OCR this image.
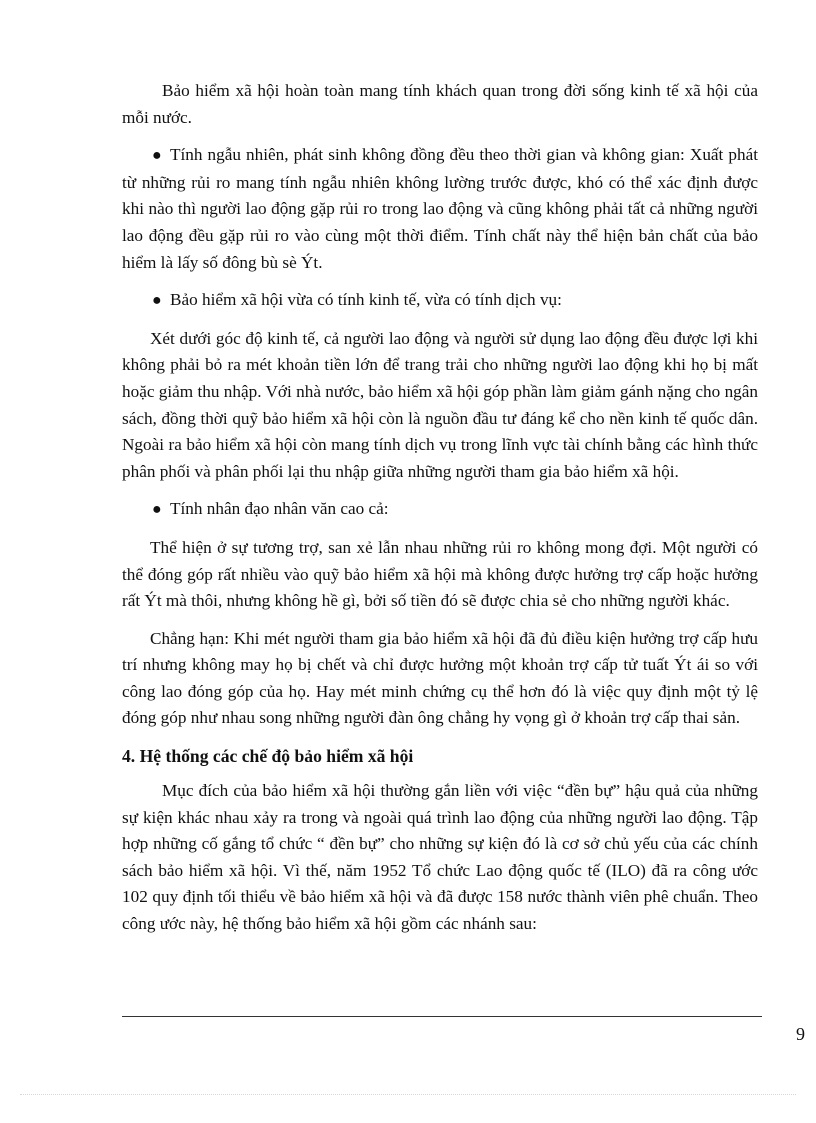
Bảo hiểm xã hội hoàn toàn mang tính khách quan trong đời sống kinh tế xã hội của mỗi nước.

● Tính ngẫu nhiên, phát sinh không đồng đều theo thời gian và không gian: Xuất phát từ những rủi ro mang tính ngẫu nhiên không lường trước được, khó có thể xác định được khi nào thì người lao động gặp rủi ro trong lao động và cũng không phải tất cả những người lao động đều gặp rủi ro vào cùng một thời điểm. Tính chất này thể hiện bản chất của bảo hiểm là lấy số đông bù sè Ýt.

● Bảo hiểm xã hội vừa có tính kinh tế, vừa có tính dịch vụ:

Xét dưới góc độ kinh tế, cả người lao động và người sử dụng lao động đều được lợi khi không phải bỏ ra mét khoản tiền lớn để trang trải cho những người lao động khi họ bị mất hoặc giảm thu nhập. Với nhà nước, bảo hiểm xã hội góp phần làm giảm gánh nặng cho ngân sách, đồng thời quỹ bảo hiểm xã hội còn là nguồn đầu tư đáng kể cho nền kinh tế quốc dân. Ngoài ra bảo hiểm xã hội còn mang tính dịch vụ trong lĩnh vực tài chính bằng các hình thức phân phối và phân phối lại thu nhập giữa những người tham gia bảo hiểm xã hội.

● Tính nhân đạo nhân văn cao cả:

Thể hiện ở sự tương trợ, san xẻ lẫn nhau những rủi ro không mong đợi. Một người có thể đóng góp rất nhiều vào quỹ bảo hiểm xã hội mà không được hưởng trợ cấp hoặc hưởng rất Ýt mà thôi, nhưng không hề gì, bởi số tiền đó sẽ được chia sẻ cho những người khác.

Chẳng hạn: Khi mét người tham gia bảo hiểm xã hội đã đủ điều kiện hưởng trợ cấp hưu trí nhưng không may họ bị chết và chỉ được hưởng một khoản trợ cấp tử tuất Ýt ái so với công lao đóng góp của họ. Hay mét minh chứng cụ thể hơn đó là việc quy định một tỷ lệ đóng góp như nhau song những người đàn ông chẳng hy vọng gì ở khoản trợ cấp thai sản.

4. Hệ thống các chế độ bảo hiểm xã hội

Mục đích của bảo hiểm xã hội thường gắn liền với việc “đền bự” hậu quả của những sự kiện khác nhau xảy ra trong và ngoài quá trình lao động của những người lao động. Tập hợp những cố gắng tổ chức “ đền bự” cho những sự kiện đó là cơ sở chủ yếu của các chính sách bảo hiểm xã hội. Vì thế, năm 1952 Tổ chức Lao động quốc tế (ILO) đã ra công ước 102 quy định tối thiểu về bảo hiểm xã hội và đã được 158 nước thành viên phê chuẩn. Theo công ước này, hệ thống bảo hiểm xã hội gồm các nhánh sau:

9
